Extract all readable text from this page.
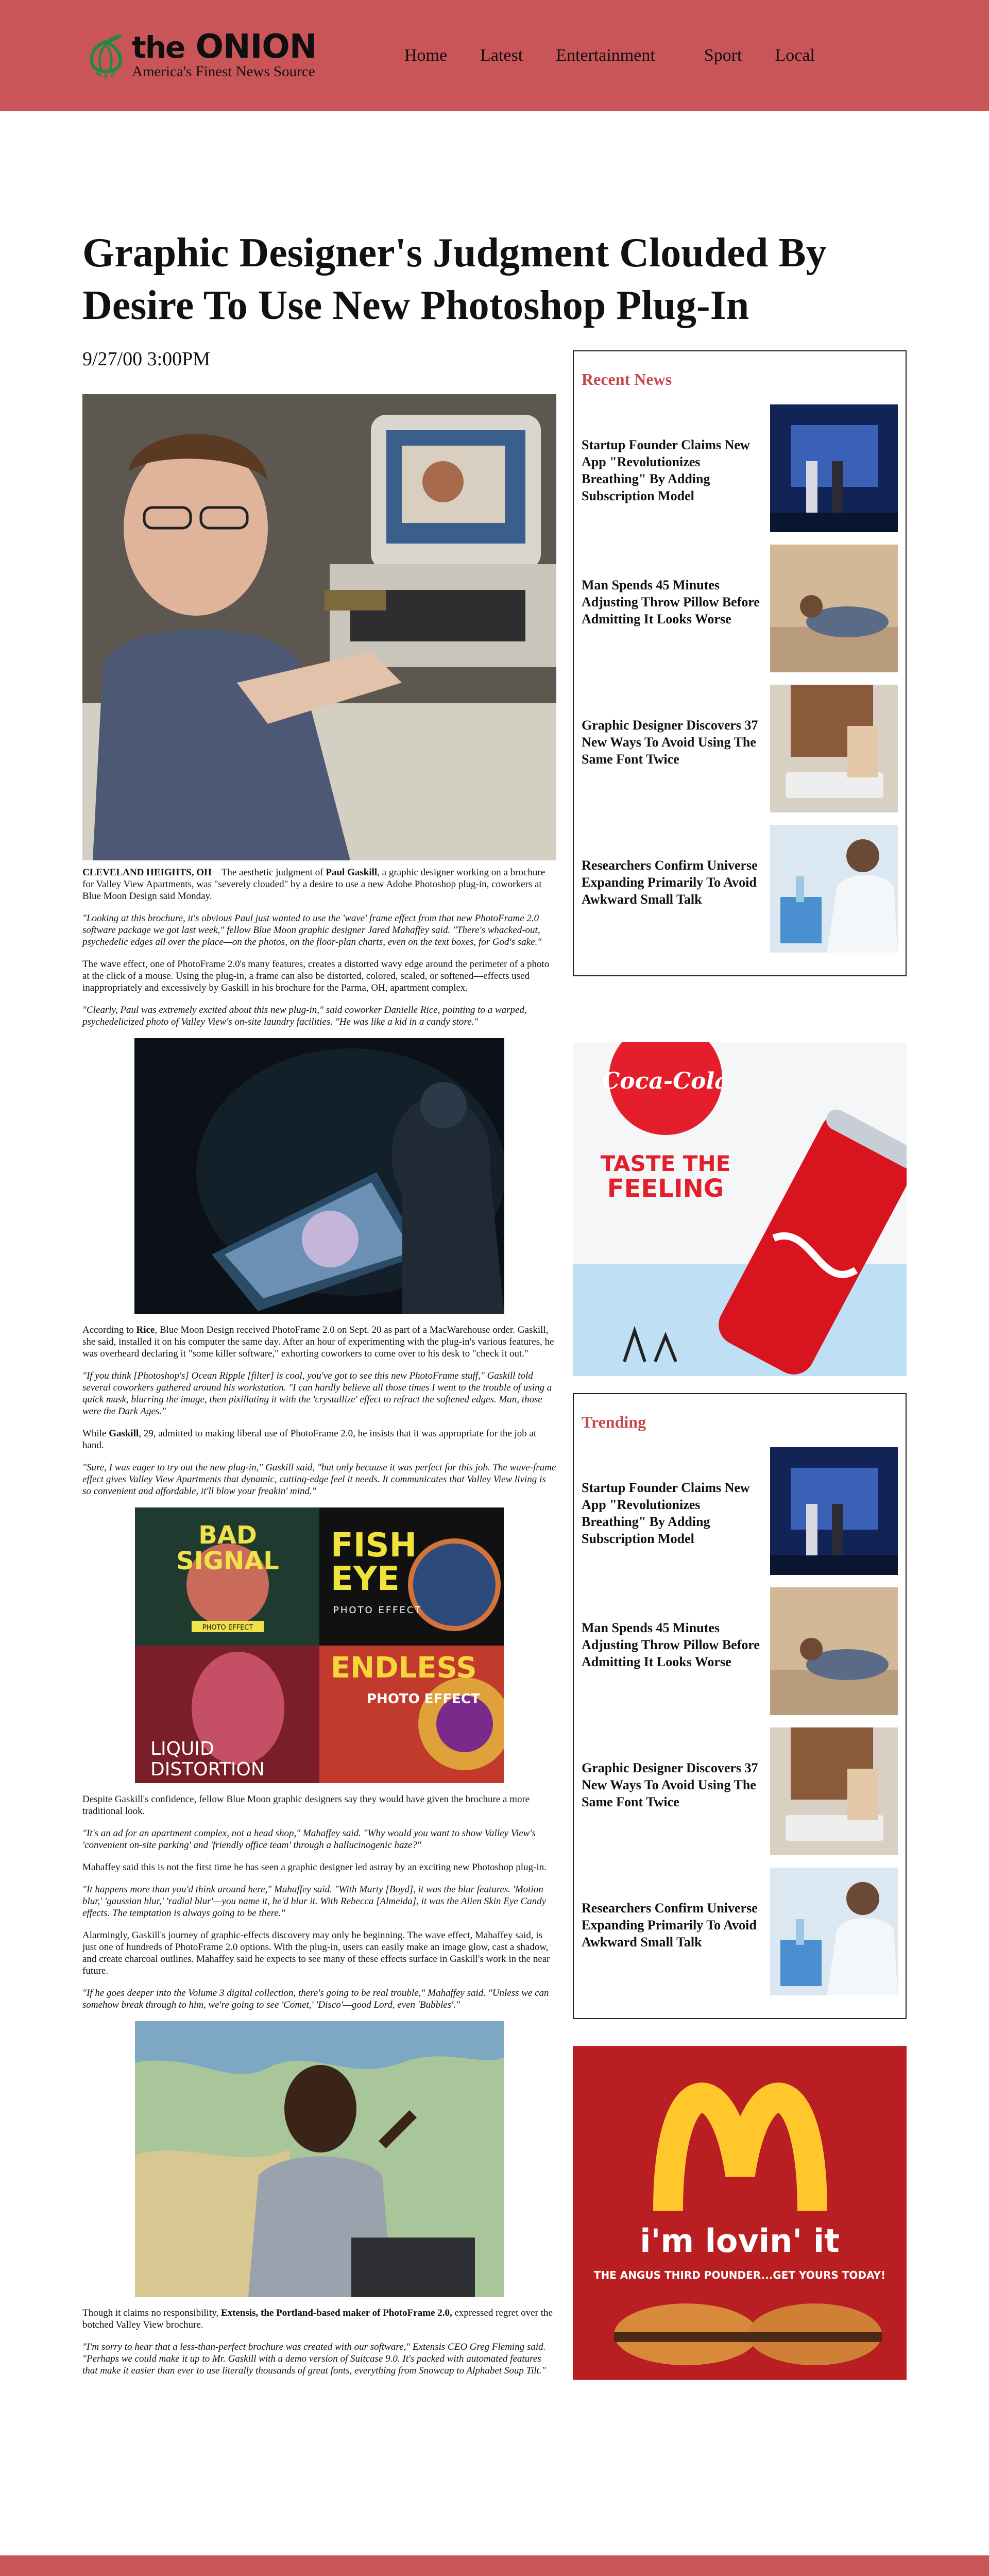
the ONION
America's Finest News Source
Home Latest Entertainment	Sport Local
Graphic Designer's Judgment Clouded By Desire To Use New Photoshop Plug-In
9/27/00 3:00PM

CLEVELAND HEIGHTS, OH—The aesthetic judgment of Paul Gaskill, a graphic designer working on a brochure for Valley View Apartments, was "severely clouded" by a desire to use a new Adobe Photoshop plug-in, coworkers at Blue Moon Design said Monday.

"Looking at this brochure, it's obvious Paul just wanted to use the 'wave' frame effect from that new PhotoFrame 2.0 software package we got last week," fellow Blue Moon graphic designer Jared Mahaffey said. "There's whacked-out, psychedelic edges all over the place—on the photos, on the floor-plan charts, even on the text boxes, for God's sake."

The wave effect, one of PhotoFrame 2.0's many features, creates a distorted wavy edge around the perimeter of a photo at the click of a mouse. Using the plug-in, a frame can also be distorted, colored, scaled, or softened—effects used inappropriately and excessively by Gaskill in his brochure for the Parma, OH, apartment complex.

"Clearly, Paul was extremely excited about this new plug-in," said coworker Danielle Rice, pointing to a warped, psychedelicized photo of Valley View's on-site laundry facilities. "He was like a kid in a candy store."

According to Rice, Blue Moon Design received PhotoFrame 2.0 on Sept. 20 as part of a MacWarehouse order. Gaskill, she said, installed it on his computer the same day. After an hour of experimenting with the plug-in's various features, he was overheard declaring it "some killer software," exhorting coworkers to come over to his desk to "check it out."

"If you think [Photoshop's] Ocean Ripple [filter] is cool, you've got to see this new PhotoFrame stuff," Gaskill told several coworkers gathered around his workstation. "I can hardly believe all those times I went to the trouble of using a quick mask, blurring the image, then pixillating it with the 'crystallize' effect to refract the softened edges. Man, those were the Dark Ages."

While Gaskill, 29, admitted to making liberal use of PhotoFrame 2.0, he insists that it was appropriate for the job at hand.

"Sure, I was eager to try out the new plug-in," Gaskill said, "but only because it was perfect for this job. The wave-frame effect gives Valley View Apartments that dynamic, cutting-edge feel it needs. It communicates that Valley View living is so convenient and affordable, it'll blow your freakin' mind."

BAD
SIGNAL
PHOTO EFFECT
FISH
EYE
PHOTO EFFECT
LIQUID
DISTORTION
ENDLESS
PHOTO EFFECT

Despite Gaskill's confidence, fellow Blue Moon graphic designers say they would have given the brochure a more traditional look.

"It's an ad for an apartment complex, not a head shop," Mahaffey said. "Why would you want to show Valley View's 'convenient on-site parking' and 'friendly office team' through a hallucinogenic haze?"

Mahaffey said this is not the first time he has seen a graphic designer led astray by an exciting new Photoshop plug-in.

"It happens more than you'd think around here," Mahaffey said. "With Marty [Boyd], it was the blur features. 'Motion blur,' 'gaussian blur,' 'radial blur'—you name it, he'd blur it. With Rebecca [Almeida], it was the Alien Skin Eye Candy effects. The temptation is always going to be there."

Alarmingly, Gaskill's journey of graphic-effects discovery may only be beginning. The wave effect, Mahaffey said, is just one of hundreds of PhotoFrame 2.0 options. With the plug-in, users can easily make an image glow, cast a shadow, and create charcoal outlines. Mahaffey said he expects to see many of these effects surface in Gaskill's work in the near future.

"If he goes deeper into the Volume 3 digital collection, there's going to be real trouble," Mahaffey said. "Unless we can somehow break through to him, we're going to see 'Comet,' 'Disco'—good Lord, even 'Bubbles'."

Though it claims no responsibility, Extensis, the Portland-based maker of PhotoFrame 2.0, expressed regret over the botched Valley View brochure.

"I'm sorry to hear that a less-than-perfect brochure was created with our software," Extensis CEO Greg Fleming said. "Perhaps we could make it up to Mr. Gaskill with a demo version of Suitcase 9.0. It's packed with automated features that make it easier than ever to use literally thousands of great fonts, everything from Snowcap to Alphabet Soup Tilt."

Recent News
Startup Founder Claims New App "Revolutionizes Breathing" By Adding Subscription Model
Man Spends 45 Minutes Adjusting Throw Pillow Before Admitting It Looks Worse
Graphic Designer Discovers 37 New Ways To Avoid Using The Same Font Twice
Researchers Confirm Universe Expanding Primarily To Avoid Awkward Small Talk
Coca-Cola
TASTE THE
FEELING
Trending
Startup Founder Claims New App "Revolutionizes Breathing" By Adding Subscription Model
Man Spends 45 Minutes Adjusting Throw Pillow Before Admitting It Looks Worse
Graphic Designer Discovers 37 New Ways To Avoid Using The Same Font Twice
Researchers Confirm Universe Expanding Primarily To Avoid Awkward Small Talk
i'm lovin' it
THE ANGUS THIRD POUNDER...GET YOURS TODAY!
